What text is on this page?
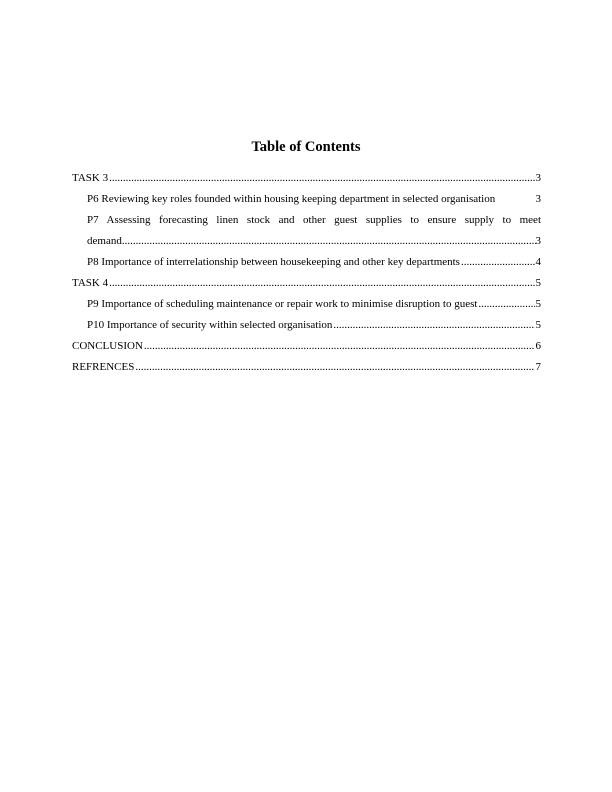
Table of Contents
TASK 3 .....	3
P6 Reviewing key roles founded within housing keeping department in selected organisation	3
P7 Assessing forecasting linen stock and other guest supplies to ensure supply to meet
demand .....	3
P8 Importance of interrelationship between housekeeping and other key departments .....	4
TASK 4 .....	5
P9 Importance of scheduling maintenance or repair work to minimise disruption to guest .....	5
P10 Importance of security within selected organisation .....	5
CONCLUSION .....	6
REFRENCES .....	7
